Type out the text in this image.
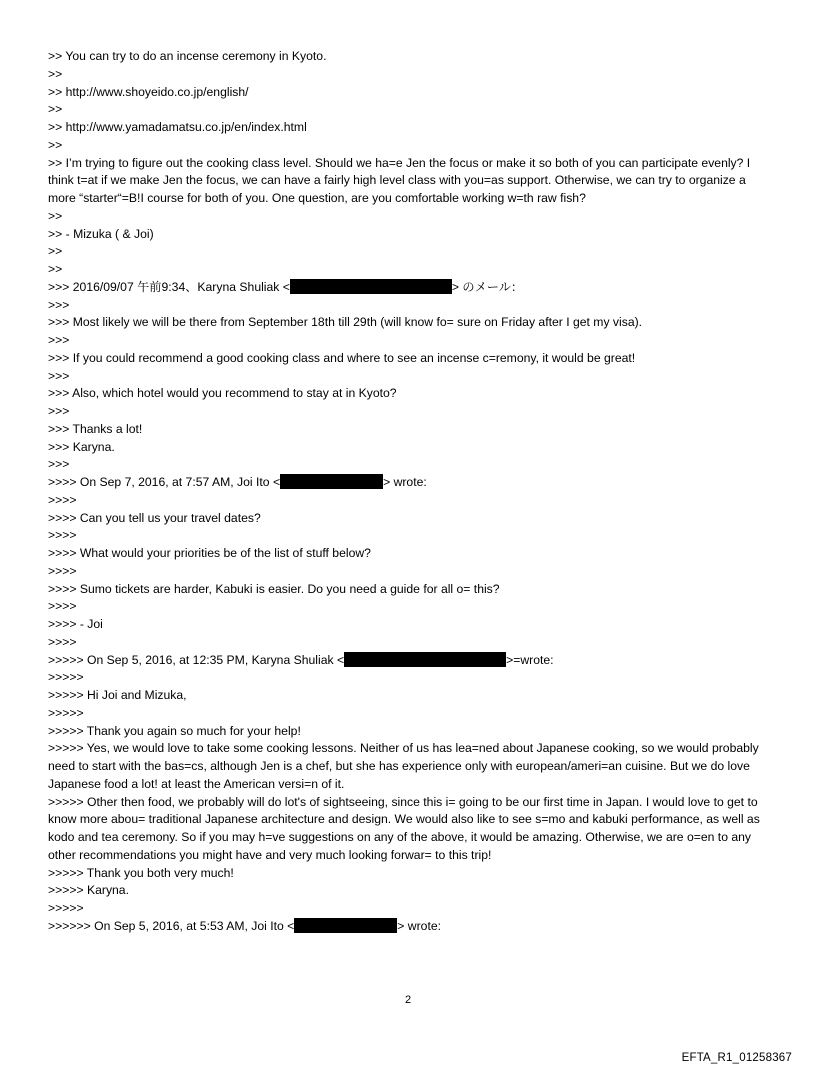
>> You can try to do an incense ceremony in Kyoto.

>>

>> http://www.shoyeido.co.jp/english/

>>

>> http://www.yamadamatsu.co.jp/en/index.html

>>

>> I’m trying to figure out the cooking class level. Should we ha=e Jen the focus or make it so both of you can participate evenly? I think t=at if we make Jen the focus, we can have a fairly high level class with you=as support. Otherwise, we can try to organize a more “starter“=B!I course for both of you. One question, are you comfortable working w=th raw fish?

>>

>> - Mizuka ( & Joi)

>>

>>

>>> 2016/09/07 午前9:34、Karyna Shuliak <	> のメール：

>>>

>>> Most likely we will be there from September 18th till 29th (will know fo= sure on Friday after I get my visa).

>>>

>>> If you could recommend a good cooking class and where to see an incense c=remony, it would be great!

>>>

>>> Also, which hotel would you recommend to stay at in Kyoto?

>>>

>>> Thanks a lot!

>>> Karyna.

>>>

>>>> On Sep 7, 2016, at 7:57 AM, Joi Ito <	> wrote:

>>>>

>>>> Can you tell us your travel dates?

>>>>

>>>> What would your priorities be of the list of stuff below?

>>>>

>>>> Sumo tickets are harder, Kabuki is easier. Do you need a guide for all o= this?

>>>>

>>>> - Joi

>>>>

>>>>> On Sep 5, 2016, at 12:35 PM, Karyna Shuliak <	>=wrote:

>>>>>

>>>>> Hi Joi and Mizuka,

>>>>>

>>>>> Thank you again so much for your help!

>>>>> Yes, we would love to take some cooking lessons. Neither of us has lea=ned about Japanese cooking, so we would probably need to start with the bas=cs, although Jen is a chef, but she has experience only with european/ameri=an cuisine. But we do love Japanese food a lot! at least the American versi=n of it.

>>>>> Other then food, we probably will do lot's of sightseeing, since this i= going to be our first time in Japan. I would love to get to know more abou= traditional Japanese architecture and design. We would also like to see s=mo and kabuki performance, as well as kodo and tea ceremony. So if you may h=ve suggestions on any of the above, it would be amazing. Otherwise, we are o=en to any other recommendations you might have and very much looking forwar= to this trip!

>>>>> Thank you both very much!

>>>>> Karyna.

>>>>>

>>>>>> On Sep 5, 2016, at 5:53 AM, Joi Ito <	> wrote:

2
EFTA_R1_01258367
